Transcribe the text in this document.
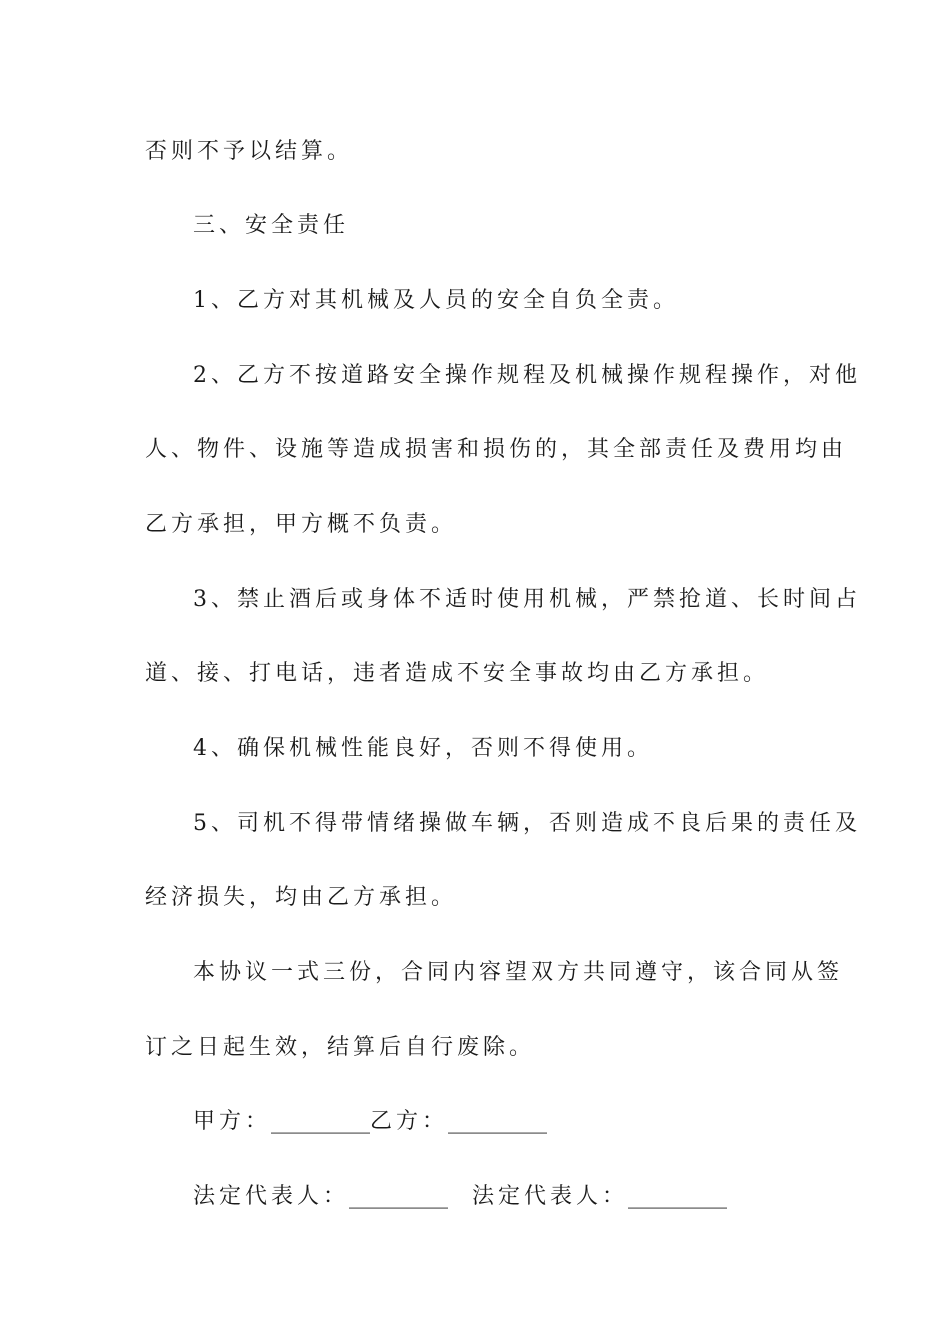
否则不予以结算。
三、安全责任
1、乙方对其机械及人员的安全自负全责。
2、乙方不按道路安全操作规程及机械操作规程操作，对他
人、物件、设施等造成损害和损伤的，其全部责任及费用均由
乙方承担，甲方概不负责。
3、禁止酒后或身体不适时使用机械，严禁抢道、长时间占
道、接、打电话，违者造成不安全事故均由乙方承担。
4、确保机械性能良好，否则不得使用。
5、司机不得带情绪操做车辆，否则造成不良后果的责任及
经济损失，均由乙方承担。
本协议一式三份，合同内容望双方共同遵守，该合同从签
订之日起生效，结算后自行废除。
甲方：_________乙方：_________
法定代表人：_________ 法定代表人：_________
